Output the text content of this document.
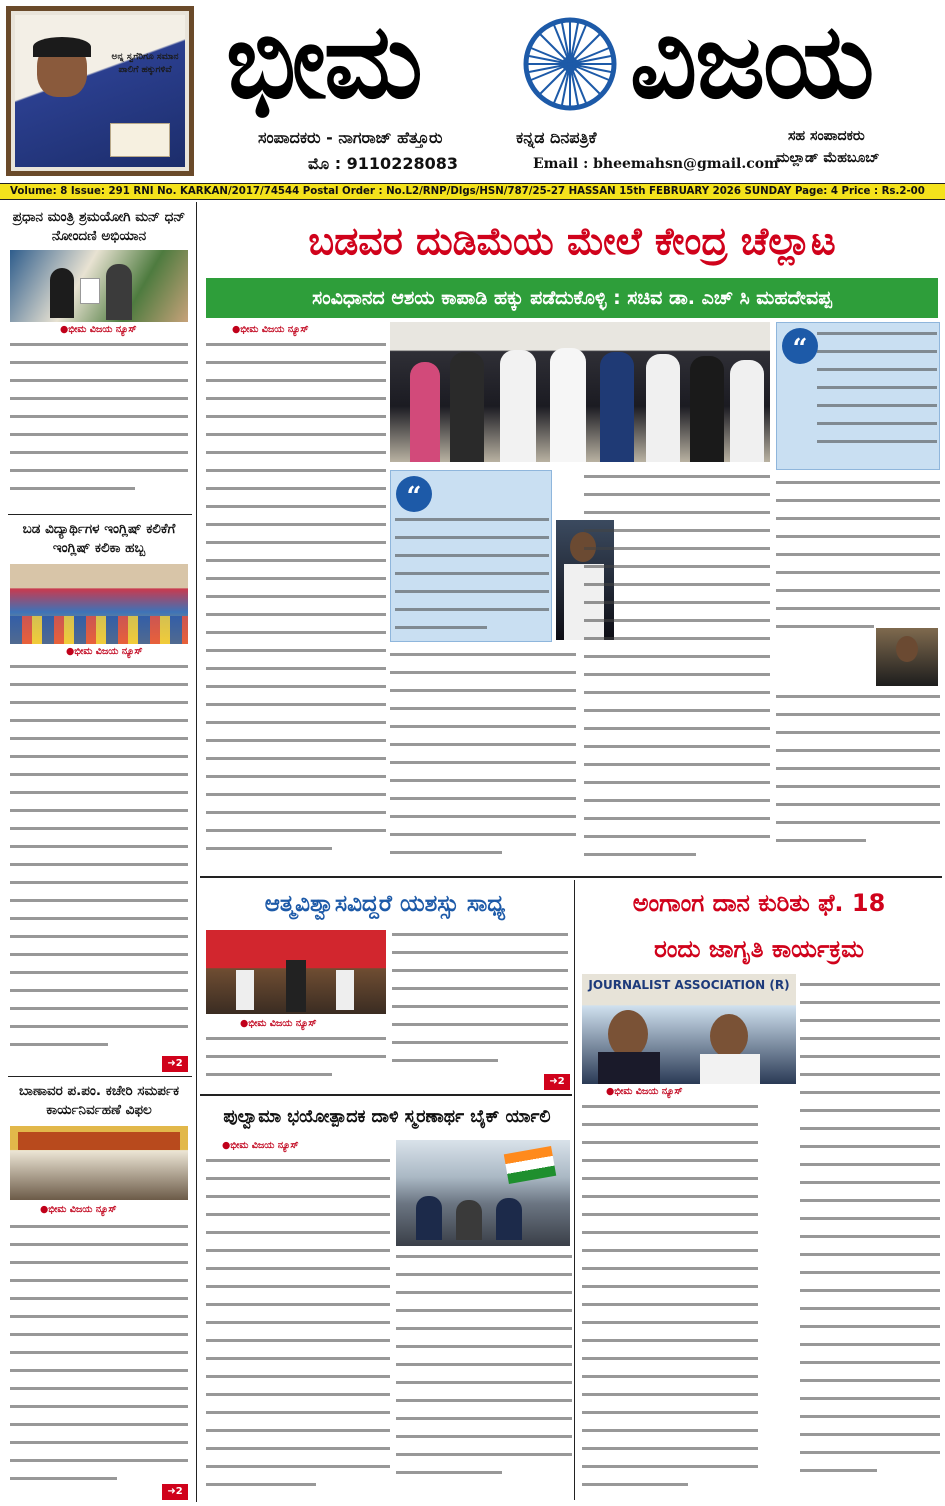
ಅನ್ನ ಸ್ವಗೆರಿಗೂ ಸಮಾನ ಪಾಲಿಗೆ ಹಕ್ಕುಗಳಿವೆ ಭೀಮ ವಿಜಯ
ಸಂಪಾದಕರು - ನಾಗರಾಜ್ ಹೆತ್ತೂರು	ಕನ್ನಡ ದಿನಪತ್ರಿಕೆ	ಸಹ ಸಂಪಾದಕರು
ಮೊ : 9110228083	Email : bheemahsn@gmail.com
ಮಲ್ಲಾಡ್ ಮೆಹಬೂಬ್
Volume: 8 Issue: 291 RNI No. KARKAN/2017/74544 Postal Order : No.L2/RNP/Dlgs/HSN/787/25-27 HASSAN 15th FEBRUARY 2026 SUNDAY Page: 4 Price : Rs.2-00
ಪ್ರಧಾನ ಮಂತ್ರಿ ಶ್ರಮಯೋಗಿ ಮನ್ ಧನ್ ನೋಂದಣಿ ಅಭಿಯಾನ
● ಭೀಮ ವಿಜಯ ನ್ಯೂಸ್
ಬಡ ವಿದ್ಯಾರ್ಥಿಗಳ ಇಂಗ್ಲಿಷ್ ಕಲಿಕೆಗೆ ಇಂಗ್ಲಿಷ್ ಕಲಿಕಾ ಹಬ್ಬ
● ಭೀಮ ವಿಜಯ ನ್ಯೂಸ್
➜2
ಬಾಣಾವರ ಪ.ಪಂ. ಕಚೇರಿ ಸಮರ್ಪಕ ಕಾರ್ಯನಿರ್ವಹಣೆ ವಿಫಲ
● ಭೀಮ ವಿಜಯ ನ್ಯೂಸ್
➜2
ಬಡವರ ದುಡಿಮೆಯ ಮೇಲೆ ಕೇಂದ್ರ ಚೆಲ್ಲಾಟ
ಸಂವಿಧಾನದ ಆಶಯ ಕಾಪಾಡಿ ಹಕ್ಕು ಪಡೆದುಕೊಳ್ಳಿ : ಸಚಿವ ಡಾ. ಎಚ್ ಸಿ ಮಹದೇವಪ್ಪ
● ಭೀಮ ವಿಜಯ ನ್ಯೂಸ್
“
“
ಆತ್ಮವಿಶ್ವಾಸವಿದ್ದರೆ ಯಶಸ್ಸು ಸಾಧ್ಯ
● ಭೀಮ ವಿಜಯ ನ್ಯೂಸ್
➜2
ಅಂಗಾಂಗ ದಾನ ಕುರಿತು ಫೆ. 18
ರಂದು ಜಾಗೃತಿ ಕಾರ್ಯಕ್ರಮ
JOURNALIST ASSOCIATION (R)
● ಭೀಮ ವಿಜಯ ನ್ಯೂಸ್
ಪುಲ್ವಾಮಾ ಭಯೋತ್ಪಾದಕ ದಾಳಿ ಸ್ಮರಣಾರ್ಥ ಬೈಕ್ ರ್ಯಾಲಿ
● ಭೀಮ ವಿಜಯ ನ್ಯೂಸ್
